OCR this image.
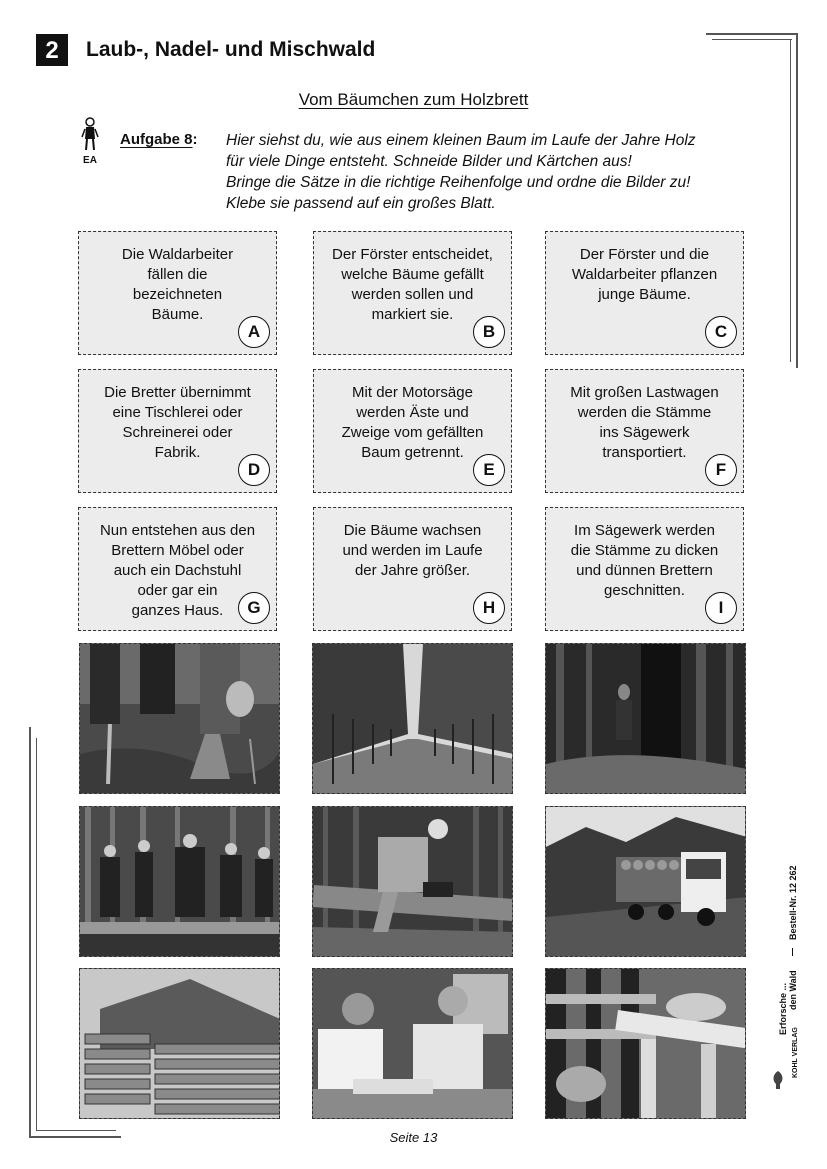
2	Laub-, Nadel- und Mischwald
Vom Bäumchen zum Holzbrett
EA
Aufgabe 8: Hier siehst du, wie aus einem kleinen Baum im Laufe der Jahre Holz
für viele Dinge entsteht. Schneide Bilder und Kärtchen aus!
Bringe die Sätze in die richtige Reihenfolge und ordne die Bilder zu!
Klebe sie passend auf ein großes Blatt.
Die Waldarbeiter
fällen die
bezeichneten
Bäume.
A
Der Förster entscheidet,
welche Bäume gefällt
werden sollen und
markiert sie.
B
Der Förster und die
Waldarbeiter pflanzen
junge Bäume.
C
Die Bretter übernimmt
eine Tischlerei oder
Schreinerei oder
Fabrik.
D
Mit der Motorsäge
werden Äste und
Zweige vom gefällten
Baum getrennt.
E
Mit großen Lastwagen
werden die Stämme
ins Sägewerk
transportiert.
F
Nun entstehen aus den
Brettern Möbel oder
auch ein Dachstuhl
oder gar ein
ganzes Haus.	G
Die Bäume wachsen
und werden im Laufe
der Jahre größer.
H
Im Sägewerk werden
die Stämme zu dicken
und dünnen Brettern
geschnitten.
I
Seite 13
Bestell-Nr. 12 262
Erforsche ... den Wald
KOHL VERLAG
